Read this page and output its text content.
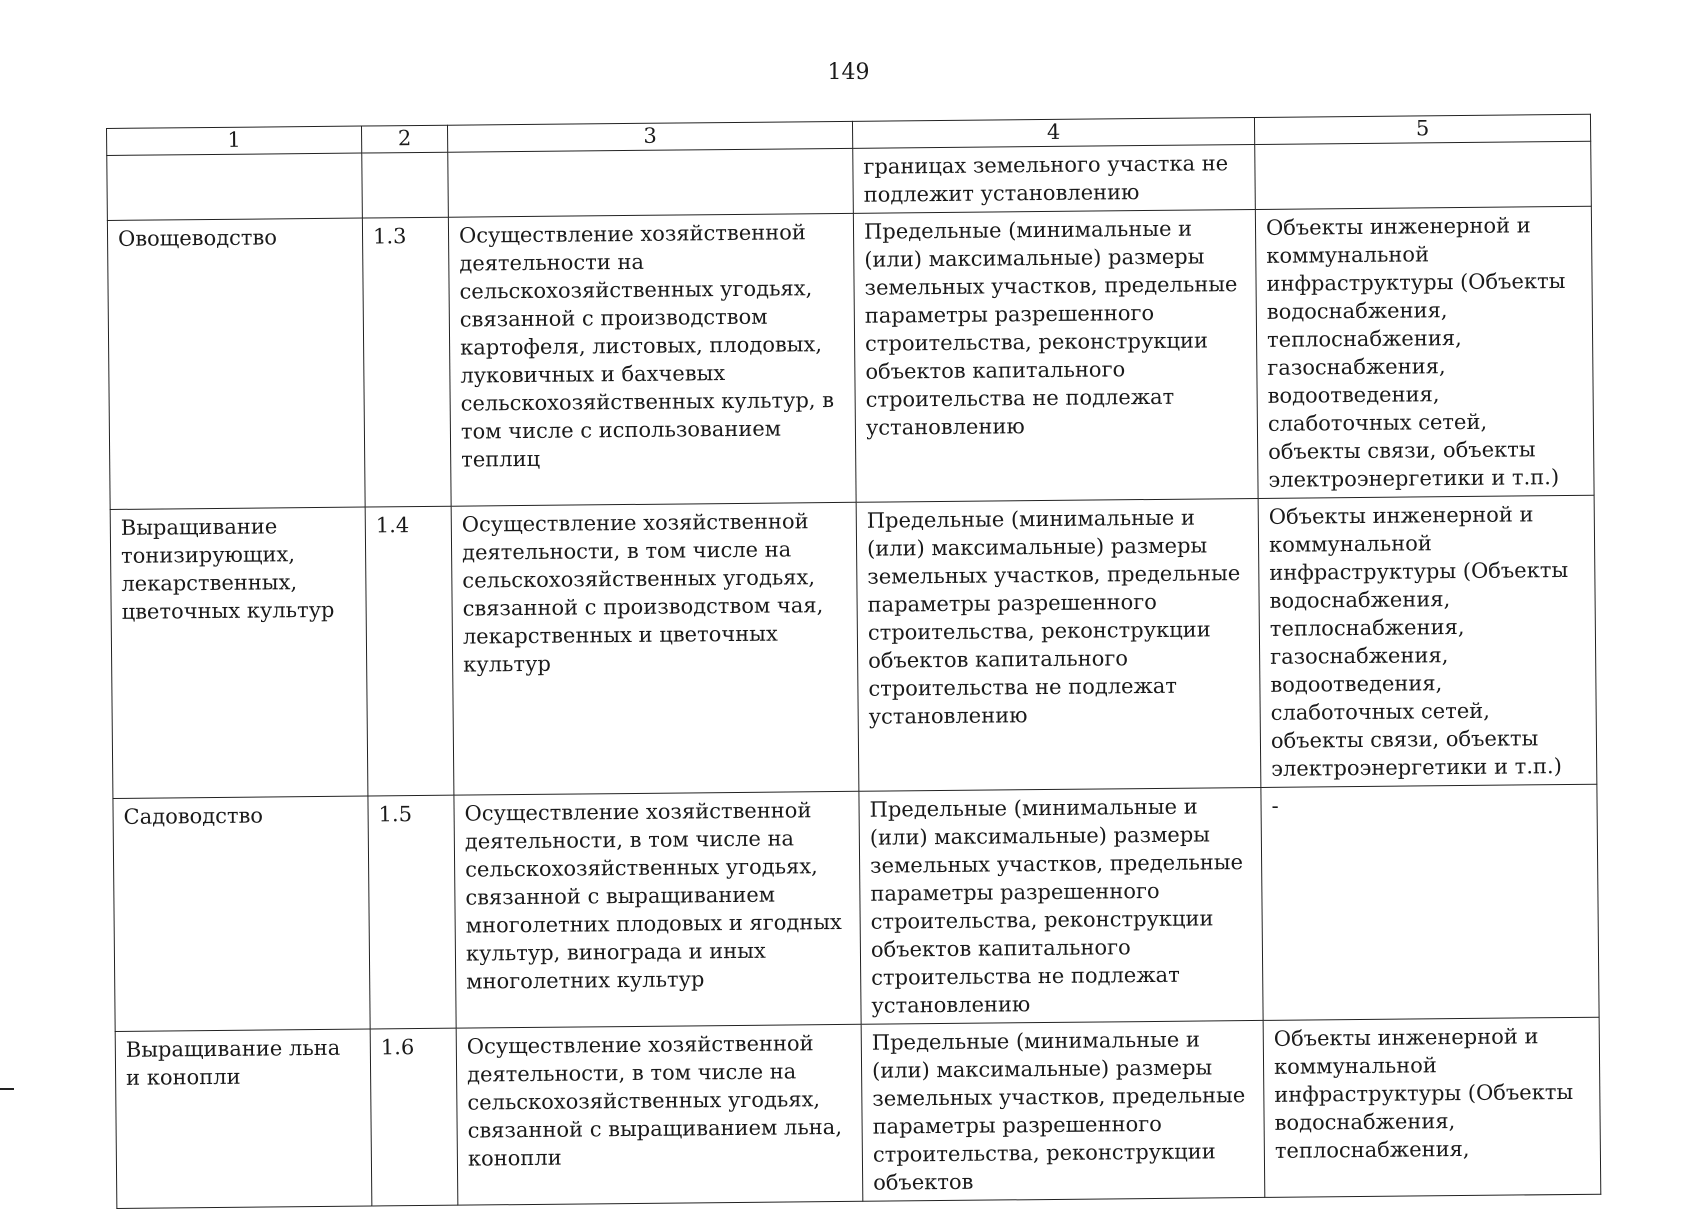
149
1	2	3	4	5
			границах земельного участка не подлежит установлению	
Овощеводство	1.3	Осуществление хозяйственной деятельности на сельскохозяйственных угодьях, связанной с производством картофеля, листовых, плодовых, луковичных и бахчевых сельскохозяйственных культур, в том числе с использованием теплиц	Предельные (минимальные и (или) максимальные) размеры земельных участков, предельные параметры разрешенного строительства, реконструкции объектов капитального строительства не подлежат установлению	Объекты инженерной и коммунальной инфраструктуры (Объекты водоснабжения, теплоснабжения, газоснабжения, водоотведения, слаботочных сетей, объекты связи, объекты электроэнергетики и т.п.)
Выращивание тонизирующих, лекарственных, цветочных культур	1.4	Осуществление хозяйственной деятельности, в том числе на сельскохозяйственных угодьях, связанной с производством чая, лекарственных и цветочных культур	Предельные (минимальные и (или) максимальные) размеры земельных участков, предельные параметры разрешенного строительства, реконструкции объектов капитального строительства не подлежат установлению	Объекты инженерной и коммунальной инфраструктуры (Объекты водоснабжения, теплоснабжения, газоснабжения, водоотведения, слаботочных сетей, объекты связи, объекты электроэнергетики и т.п.)
Садоводство	1.5	Осуществление хозяйственной деятельности, в том числе на сельскохозяйственных угодьях, связанной с выращиванием многолетних плодовых и ягодных культур, винограда и иных многолетних культур	Предельные (минимальные и (или) максимальные) размеры земельных участков, предельные параметры разрешенного строительства, реконструкции объектов капитального строительства не подлежат установлению	-
Выращивание льна и конопли	1.6	Осуществление хозяйственной деятельности, в том числе на сельскохозяйственных угодьях, связанной с выращиванием льна, конопли	Предельные (минимальные и (или) максимальные) размеры земельных участков, предельные параметры разрешенного строительства, реконструкции объектов	Объекты инженерной и коммунальной инфраструктуры (Объекты водоснабжения, теплоснабжения,
